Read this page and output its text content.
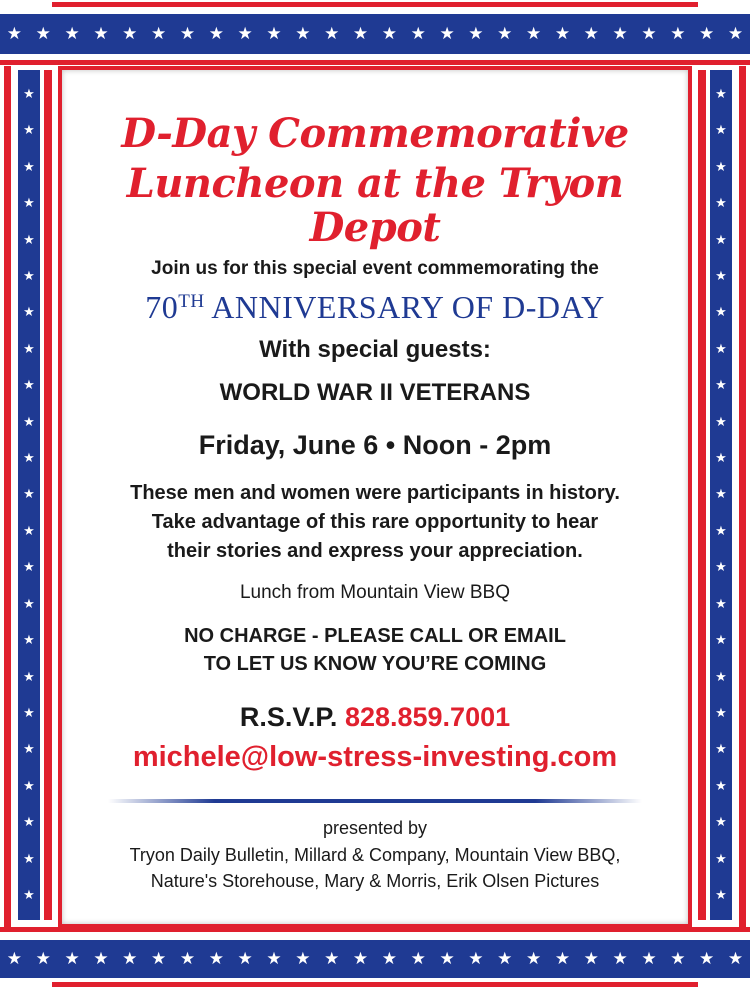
★ ★ ★ ★ ★ ★ ★ ★ ★ ★ ★ ★ ★ ★ ★ ★ ★ ★ ★ ★ ★ ★ ★ ★ ★ ★
★
★
★
★
★
★
★
★
★
★
★
★
★
★
★
★
★
★
★
★
★
★
★
★
★
★
★
★
★
★
★
★
★
★
★
★
★
★
★
★
★
★
★
★
★
★
★ ★ ★ ★ ★ ★ ★ ★ ★ ★ ★ ★ ★ ★ ★ ★ ★ ★ ★ ★ ★ ★ ★ ★ ★ ★
D-Day Commemorative
Luncheon at the Tryon Depot
Join us for this special event commemorating the
70TH ANNIVERSARY OF D-DAY
With special guests:
WORLD WAR II VETERANS
Friday, June 6 • Noon - 2pm
These men and women were participants in history.
Take advantage of this rare opportunity to hear
their stories and express your appreciation.
Lunch from Mountain View BBQ
NO CHARGE - PLEASE CALL OR EMAIL
TO LET US KNOW YOU’RE COMING
R.S.V.P. 828.859.7001
michele@low-stress-investing.com
presented by
Tryon Daily Bulletin, Millard & Company, Mountain View BBQ,
Nature's Storehouse, Mary & Morris, Erik Olsen Pictures
